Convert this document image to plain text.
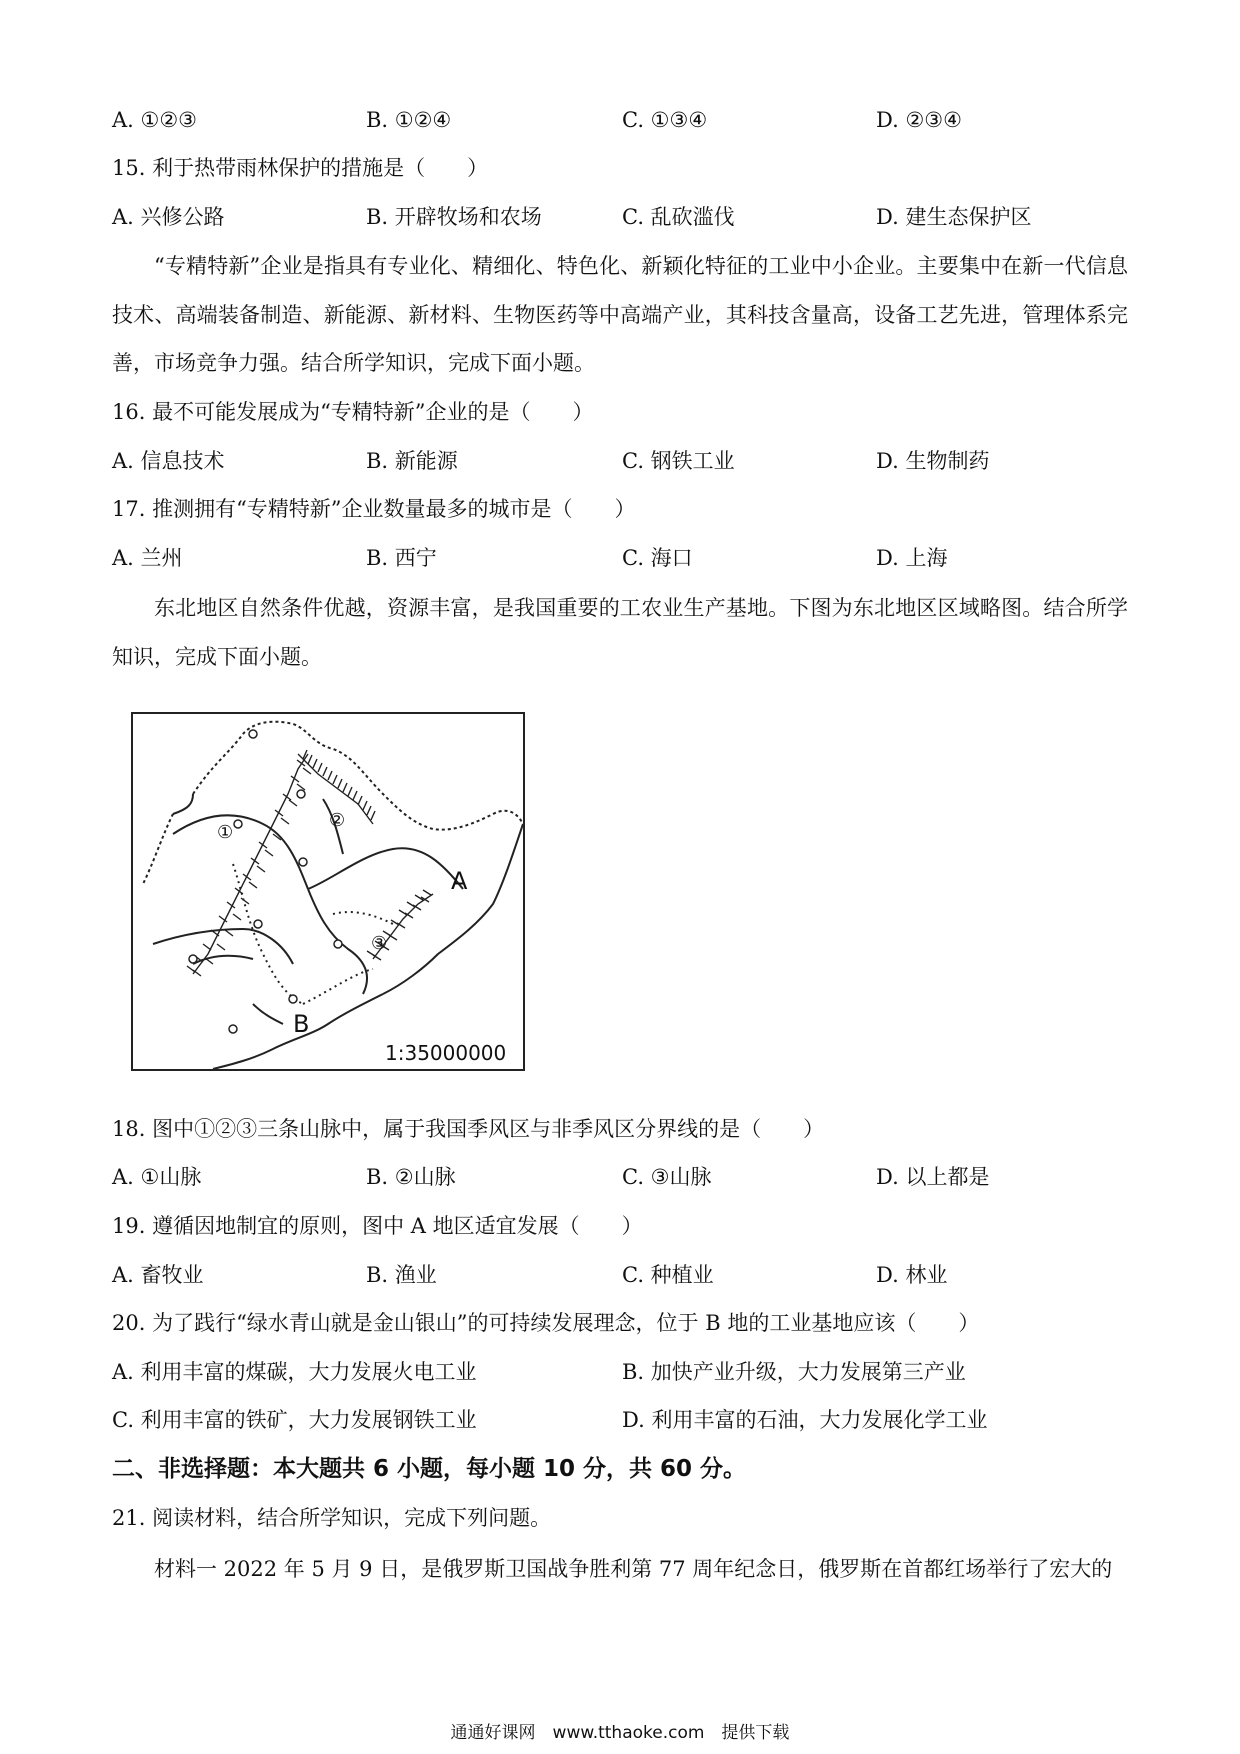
A. ①②③	B. ①②④	C. ①③④	D. ②③④
15. 利于热带雨林保护的措施是（　　）
A. 兴修公路	B. 开辟牧场和农场	C. 乱砍滥伐	D. 建生态保护区
“专精特新”企业是指具有专业化、精细化、特色化、新颖化特征的工业中小企业。主要集中在新一代信息技术、高端装备制造、新能源、新材料、生物医药等中高端产业，其科技含量高，设备工艺先进，管理体系完善，市场竞争力强。结合所学知识，完成下面小题。
16. 最不可能发展成为“专精特新”企业的是（　　）
A. 信息技术	B. 新能源	C. 钢铁工业	D. 生物制药
17. 推测拥有“专精特新”企业数量最多的城市是（　　）
A. 兰州	B. 西宁	C. 海口	D. 上海
东北地区自然条件优越，资源丰富，是我国重要的工农业生产基地。下图为东北地区区域略图。结合所学知识，完成下面小题。
①
②
③
A
B
1:35000000
18. 图中①②③三条山脉中，属于我国季风区与非季风区分界线的是（　　）
A. ①山脉	B. ②山脉	C. ③山脉	D. 以上都是
19. 遵循因地制宜的原则，图中 A 地区适宜发展（　　）
A. 畜牧业	B. 渔业	C. 种植业	D. 林业
20. 为了践行“绿水青山就是金山银山”的可持续发展理念，位于 B 地的工业基地应该（　　）
A. 利用丰富的煤碳，大力发展火电工业	B. 加快产业升级，大力发展第三产业
C. 利用丰富的铁矿，大力发展钢铁工业	D. 利用丰富的石油，大力发展化学工业
二、非选择题：本大题共 6 小题，每小题 10 分，共 60 分。
21. 阅读材料，结合所学知识，完成下列问题。
材料一 2022 年 5 月 9 日，是俄罗斯卫国战争胜利第 77 周年纪念日，俄罗斯在首都红场举行了宏大的
通通好课网　www.tthaoke.com　提供下载
